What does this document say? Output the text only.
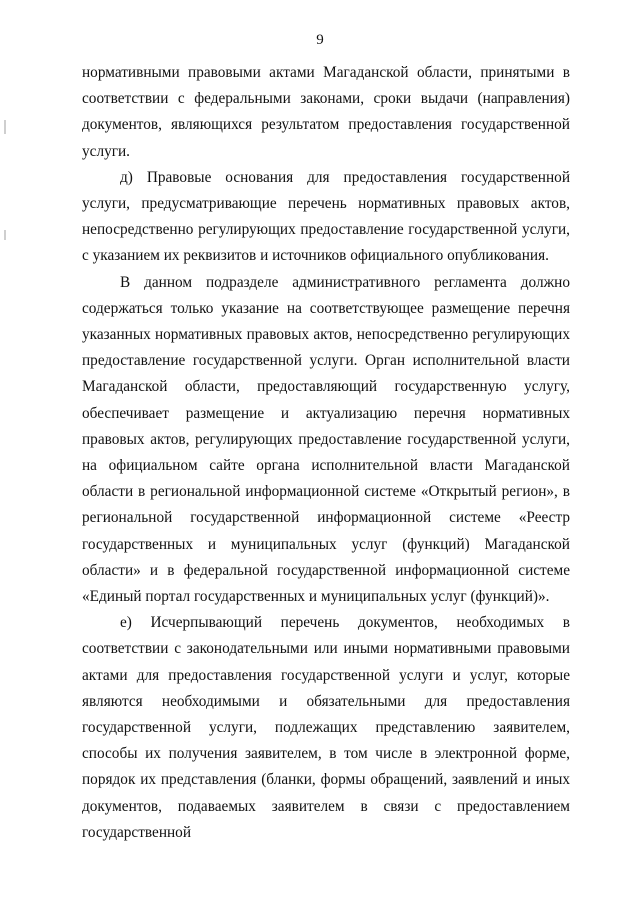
9

нормативными правовыми актами Магаданской области, принятыми в соответствии с федеральными законами, сроки выдачи (направления) документов, являющихся результатом предоставления государственной услуги.

д) Правовые основания для предоставления государственной услуги, предусматривающие перечень нормативных правовых актов, непосредственно регулирующих предоставление государственной услуги, с указанием их реквизитов и источников официального опубликования.

В данном подразделе административного регламента должно содержаться только указание на соответствующее размещение перечня указанных нормативных правовых актов, непосредственно регулирующих предоставление государственной услуги. Орган исполнительной власти Магаданской области, предоставляющий государственную услугу, обеспечивает размещение и актуализацию перечня нормативных правовых актов, регулирующих предоставление государственной услуги, на официальном сайте органа исполнительной власти Магаданской области в региональной информационной системе «Открытый регион», в региональной государственной информационной системе «Реестр государственных и муниципальных услуг (функций) Магаданской области» и в федеральной государственной информационной системе «Единый портал государственных и муниципальных услуг (функций)».

е) Исчерпывающий перечень документов, необходимых в соответствии с законодательными или иными нормативными правовыми актами для предоставления государственной услуги и услуг, которые являются необходимыми и обязательными для предоставления государственной услуги, подлежащих представлению заявителем, способы их получения заявителем, в том числе в электронной форме, порядок их представления (бланки, формы обращений, заявлений и иных документов, подаваемых заявителем в связи с предоставлением государственной
